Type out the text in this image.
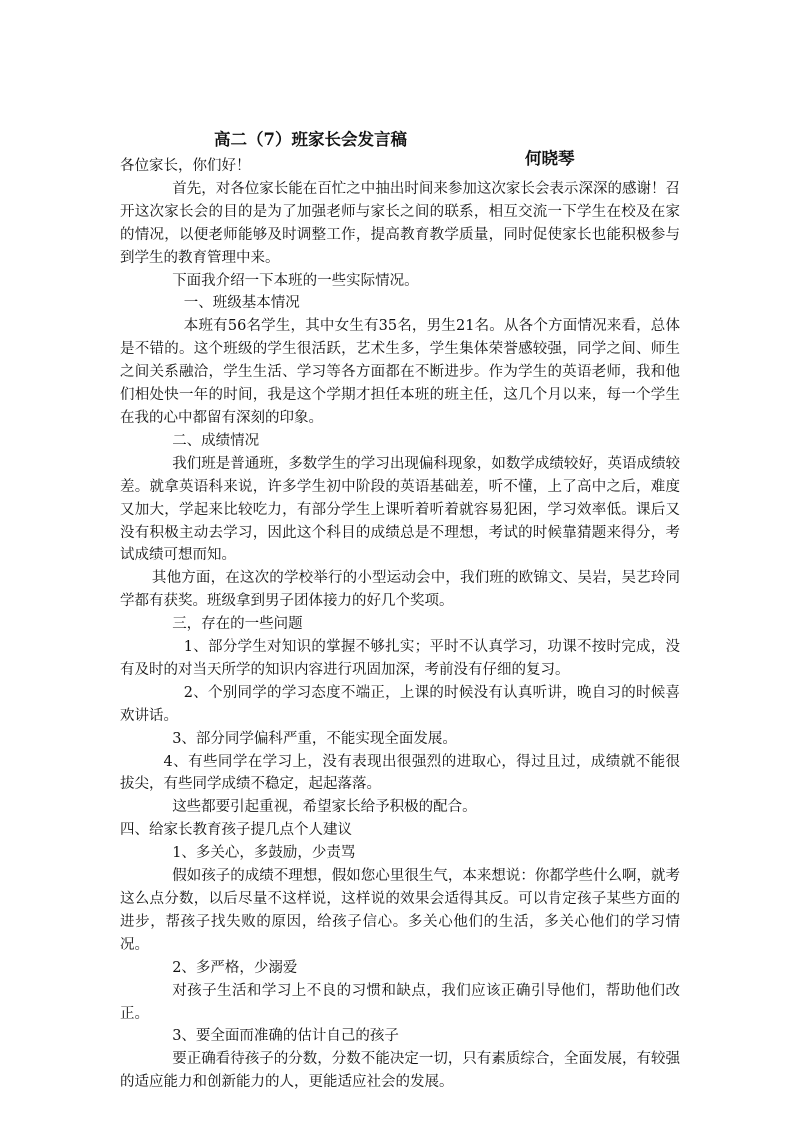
高二（7）班家长会发言稿

何晓琴

各位家长，你们好！

首先，对各位家长能在百忙之中抽出时间来参加这次家长会表示深深的感谢！召开这次家长会的目的是为了加强老师与家长之间的联系，相互交流一下学生在校及在家的情况，以便老师能够及时调整工作，提高教育教学质量，同时促使家长也能积极参与到学生的教育管理中来。

下面我介绍一下本班的一些实际情况。

一、班级基本情况

本班有56名学生，其中女生有35名，男生21名。从各个方面情况来看，总体是不错的。这个班级的学生很活跃，艺术生多，学生集体荣誉感较强，同学之间、师生之间关系融洽，学生生活、学习等各方面都在不断进步。作为学生的英语老师，我和他们相处快一年的时间，我是这个学期才担任本班的班主任，这几个月以来，每一个学生在我的心中都留有深刻的印象。

二、成绩情况

我们班是普通班，多数学生的学习出现偏科现象，如数学成绩较好，英语成绩较差。就拿英语科来说，许多学生初中阶段的英语基础差，听不懂，上了高中之后，难度又加大，学起来比较吃力，有部分学生上课听着听着就容易犯困，学习效率低。课后又没有积极主动去学习，因此这个科目的成绩总是不理想，考试的时候靠猜题来得分，考试成绩可想而知。

其他方面，在这次的学校举行的小型运动会中，我们班的欧锦文、吴岩，吴艺玲同学都有获奖。班级拿到男子团体接力的好几个奖项。

三，存在的一些问题

1、部分学生对知识的掌握不够扎实；平时不认真学习，功课不按时完成，没有及时的对当天所学的知识内容进行巩固加深，考前没有仔细的复习。

2、个别同学的学习态度不端正，上课的时候没有认真听讲，晚自习的时候喜欢讲话。

3、部分同学偏科严重，不能实现全面发展。

4、有些同学在学习上，没有表现出很强烈的进取心，得过且过，成绩就不能很拔尖，有些同学成绩不稳定，起起落落。

这些都要引起重视，希望家长给予积极的配合。

四、给家长教育孩子提几点个人建议

1、多关心，多鼓励，少责骂

假如孩子的成绩不理想，假如您心里很生气，本来想说：你都学些什么啊，就考这么点分数，以后尽量不这样说，这样说的效果会适得其反。可以肯定孩子某些方面的进步，帮孩子找失败的原因，给孩子信心。多关心他们的生活，多关心他们的学习情况。

2、多严格，少溺爱

对孩子生活和学习上不良的习惯和缺点，我们应该正确引导他们，帮助他们改正。

3、要全面而准确的估计自己的孩子

要正确看待孩子的分数，分数不能决定一切，只有素质综合，全面发展，有较强的适应能力和创新能力的人，更能适应社会的发展。
